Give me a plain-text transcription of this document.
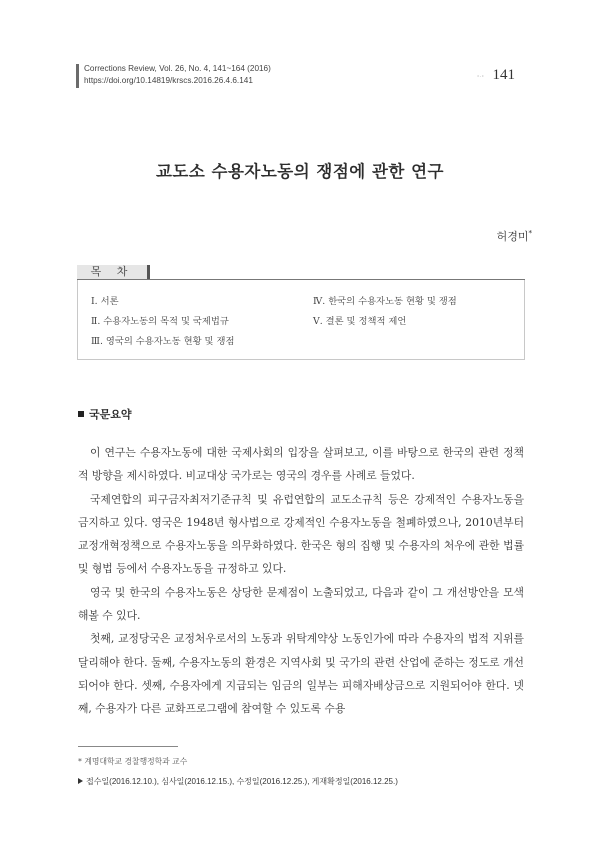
Corrections Review, Vol. 26, No. 4, 141~164 (2016)
https://doi.org/10.14819/krscs.2016.26.4.6.141
•-• 141
교도소 수용자노동의 쟁점에 관한 연구
허경미*
목 차
Ⅰ. 서론
Ⅱ. 수용자노동의 목적 및 국제법규
Ⅲ. 영국의 수용자노동 현황 및 쟁점
Ⅳ. 한국의 수용자노동 현황 및 쟁점
Ⅴ. 결론 및 정책적 제언
국문요약

이 연구는 수용자노동에 대한 국제사회의 입장을 살펴보고, 이를 바탕으로 한국의 관련 정책적 방향을 제시하였다. 비교대상 국가로는 영국의 경우를 사례로 들었다.

국제연합의 피구금자최저기준규칙 및 유럽연합의 교도소규칙 등은 강제적인 수용자노동을 금지하고 있다. 영국은 1948년 형사법으로 강제적인 수용자노동을 철폐하였으나, 2010년부터 교정개혁정책으로 수용자노동을 의무화하였다. 한국은 형의 집행 및 수용자의 처우에 관한 법률 및 형법 등에서 수용자노동을 규정하고 있다.

영국 및 한국의 수용자노동은 상당한 문제점이 노출되었고, 다음과 같이 그 개선방안을 모색해볼 수 있다.

첫째, 교정당국은 교정처우로서의 노동과 위탁계약상 노동인가에 따라 수용자의 법적 지위를 달리해야 한다. 둘째, 수용자노동의 환경은 지역사회 및 국가의 관련 산업에 준하는 정도로 개선되어야 한다. 셋째, 수용자에게 지급되는 임금의 일부는 피해자배상금으로 지원되어야 한다. 넷째, 수용자가 다른 교화프로그램에 참여할 수 있도록 수용

* 계명대학교 경찰행정학과 교수
접수일(2016.12.10.), 심사일(2016.12.15.), 수정일(2016.12.25.), 게재확정일(2016.12.25.)
